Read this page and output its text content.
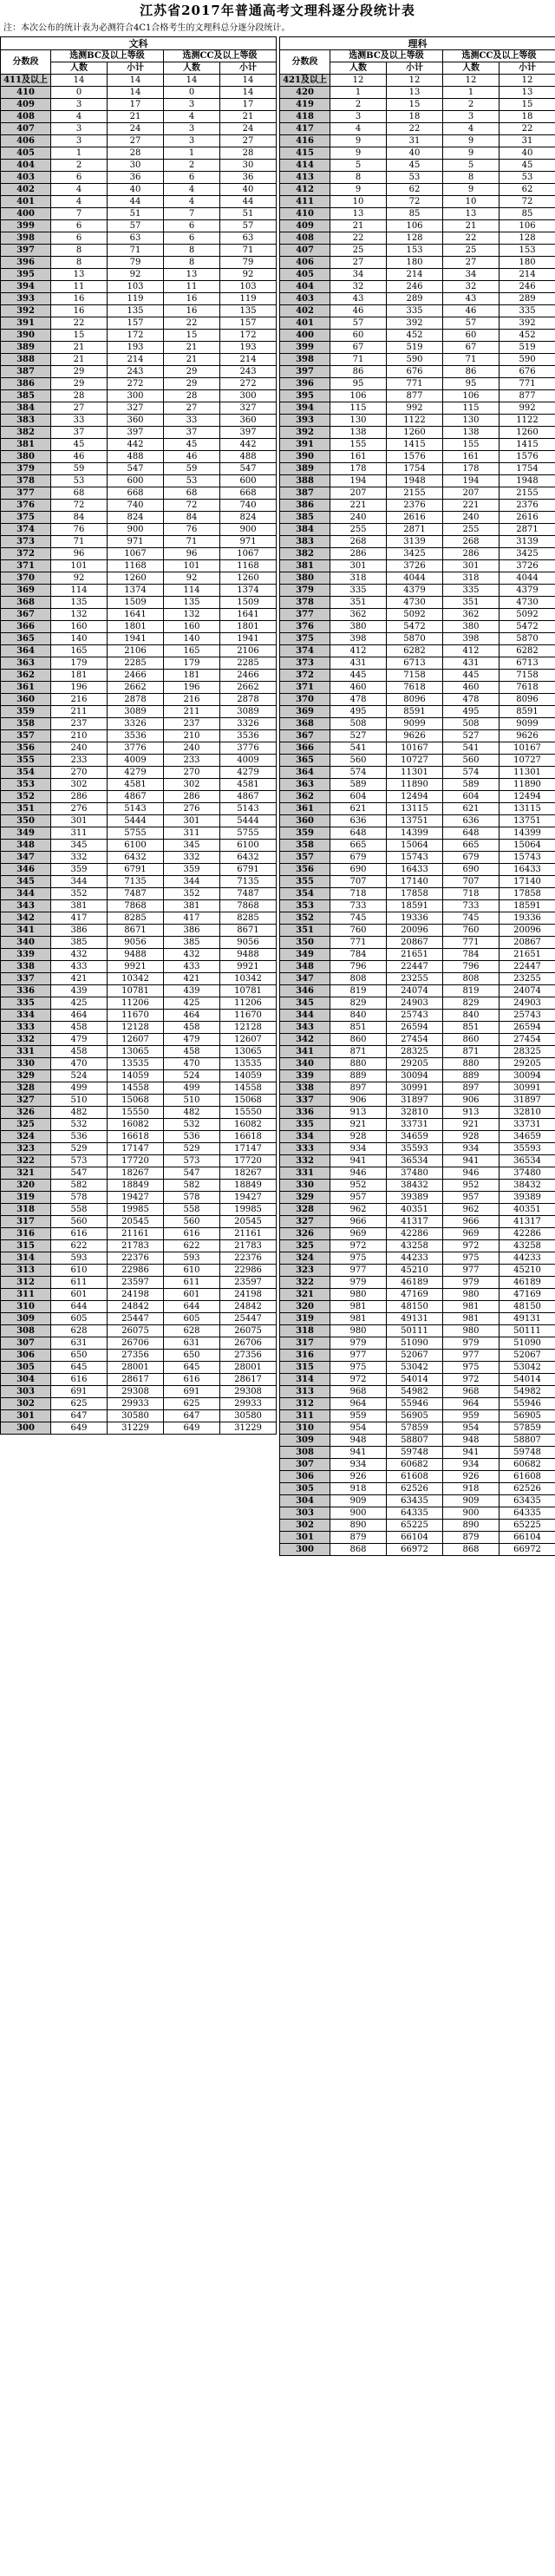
江苏省2017年普通高考文理科逐分段统计表
注：本次公布的统计表为必测符合4C1合格考生的文理科总分逐分段统计。
文科				
分数段	选测BC及以上等级		选测CC及以上等级	
	人数	小计	人数	小计
411及以上	14	14	14	14
410	0	14	0	14
409	3	17	3	17
408	4	21	4	21
407	3	24	3	24
406	3	27	3	27
405	1	28	1	28
404	2	30	2	30
403	6	36	6	36
402	4	40	4	40
401	4	44	4	44
400	7	51	7	51
399	6	57	6	57
398	6	63	6	63
397	8	71	8	71
396	8	79	8	79
395	13	92	13	92
394	11	103	11	103
393	16	119	16	119
392	16	135	16	135
391	22	157	22	157
390	15	172	15	172
389	21	193	21	193
388	21	214	21	214
387	29	243	29	243
386	29	272	29	272
385	28	300	28	300
384	27	327	27	327
383	33	360	33	360
382	37	397	37	397
381	45	442	45	442
380	46	488	46	488
379	59	547	59	547
378	53	600	53	600
377	68	668	68	668
376	72	740	72	740
375	84	824	84	824
374	76	900	76	900
373	71	971	71	971
372	96	1067	96	1067
371	101	1168	101	1168
370	92	1260	92	1260
369	114	1374	114	1374
368	135	1509	135	1509
367	132	1641	132	1641
366	160	1801	160	1801
365	140	1941	140	1941
364	165	2106	165	2106
363	179	2285	179	2285
362	181	2466	181	2466
361	196	2662	196	2662
360	216	2878	216	2878
359	211	3089	211	3089
358	237	3326	237	3326
357	210	3536	210	3536
356	240	3776	240	3776
355	233	4009	233	4009
354	270	4279	270	4279
353	302	4581	302	4581
352	286	4867	286	4867
351	276	5143	276	5143
350	301	5444	301	5444
349	311	5755	311	5755
348	345	6100	345	6100
347	332	6432	332	6432
346	359	6791	359	6791
345	344	7135	344	7135
344	352	7487	352	7487
343	381	7868	381	7868
342	417	8285	417	8285
341	386	8671	386	8671
340	385	9056	385	9056
339	432	9488	432	9488
338	433	9921	433	9921
337	421	10342	421	10342
336	439	10781	439	10781
335	425	11206	425	11206
334	464	11670	464	11670
333	458	12128	458	12128
332	479	12607	479	12607
331	458	13065	458	13065
330	470	13535	470	13535
329	524	14059	524	14059
328	499	14558	499	14558
327	510	15068	510	15068
326	482	15550	482	15550
325	532	16082	532	16082
324	536	16618	536	16618
323	529	17147	529	17147
322	573	17720	573	17720
321	547	18267	547	18267
320	582	18849	582	18849
319	578	19427	578	19427
318	558	19985	558	19985
317	560	20545	560	20545
316	616	21161	616	21161
315	622	21783	622	21783
314	593	22376	593	22376
313	610	22986	610	22986
312	611	23597	611	23597
311	601	24198	601	24198
310	644	24842	644	24842
309	605	25447	605	25447
308	628	26075	628	26075
307	631	26706	631	26706
306	650	27356	650	27356
305	645	28001	645	28001
304	616	28617	616	28617
303	691	29308	691	29308
302	625	29933	625	29933
301	647	30580	647	30580
300	649	31229	649	31229
理科				
分数段	选测BC及以上等级		选测CC及以上等级	
	人数	小计	人数	小计
421及以上	12	12	12	12
420	1	13	1	13
419	2	15	2	15
418	3	18	3	18
417	4	22	4	22
416	9	31	9	31
415	9	40	9	40
414	5	45	5	45
413	8	53	8	53
412	9	62	9	62
411	10	72	10	72
410	13	85	13	85
409	21	106	21	106
408	22	128	22	128
407	25	153	25	153
406	27	180	27	180
405	34	214	34	214
404	32	246	32	246
403	43	289	43	289
402	46	335	46	335
401	57	392	57	392
400	60	452	60	452
399	67	519	67	519
398	71	590	71	590
397	86	676	86	676
396	95	771	95	771
395	106	877	106	877
394	115	992	115	992
393	130	1122	130	1122
392	138	1260	138	1260
391	155	1415	155	1415
390	161	1576	161	1576
389	178	1754	178	1754
388	194	1948	194	1948
387	207	2155	207	2155
386	221	2376	221	2376
385	240	2616	240	2616
384	255	2871	255	2871
383	268	3139	268	3139
382	286	3425	286	3425
381	301	3726	301	3726
380	318	4044	318	4044
379	335	4379	335	4379
378	351	4730	351	4730
377	362	5092	362	5092
376	380	5472	380	5472
375	398	5870	398	5870
374	412	6282	412	6282
373	431	6713	431	6713
372	445	7158	445	7158
371	460	7618	460	7618
370	478	8096	478	8096
369	495	8591	495	8591
368	508	9099	508	9099
367	527	9626	527	9626
366	541	10167	541	10167
365	560	10727	560	10727
364	574	11301	574	11301
363	589	11890	589	11890
362	604	12494	604	12494
361	621	13115	621	13115
360	636	13751	636	13751
359	648	14399	648	14399
358	665	15064	665	15064
357	679	15743	679	15743
356	690	16433	690	16433
355	707	17140	707	17140
354	718	17858	718	17858
353	733	18591	733	18591
352	745	19336	745	19336
351	760	20096	760	20096
350	771	20867	771	20867
349	784	21651	784	21651
348	796	22447	796	22447
347	808	23255	808	23255
346	819	24074	819	24074
345	829	24903	829	24903
344	840	25743	840	25743
343	851	26594	851	26594
342	860	27454	860	27454
341	871	28325	871	28325
340	880	29205	880	29205
339	889	30094	889	30094
338	897	30991	897	30991
337	906	31897	906	31897
336	913	32810	913	32810
335	921	33731	921	33731
334	928	34659	928	34659
333	934	35593	934	35593
332	941	36534	941	36534
331	946	37480	946	37480
330	952	38432	952	38432
329	957	39389	957	39389
328	962	40351	962	40351
327	966	41317	966	41317
326	969	42286	969	42286
325	972	43258	972	43258
324	975	44233	975	44233
323	977	45210	977	45210
322	979	46189	979	46189
321	980	47169	980	47169
320	981	48150	981	48150
319	981	49131	981	49131
318	980	50111	980	50111
317	979	51090	979	51090
316	977	52067	977	52067
315	975	53042	975	53042
314	972	54014	972	54014
313	968	54982	968	54982
312	964	55946	964	55946
311	959	56905	959	56905
310	954	57859	954	57859
309	948	58807	948	58807
308	941	59748	941	59748
307	934	60682	934	60682
306	926	61608	926	61608
305	918	62526	918	62526
304	909	63435	909	63435
303	900	64335	900	64335
302	890	65225	890	65225
301	879	66104	879	66104
300	868	66972	868	66972
